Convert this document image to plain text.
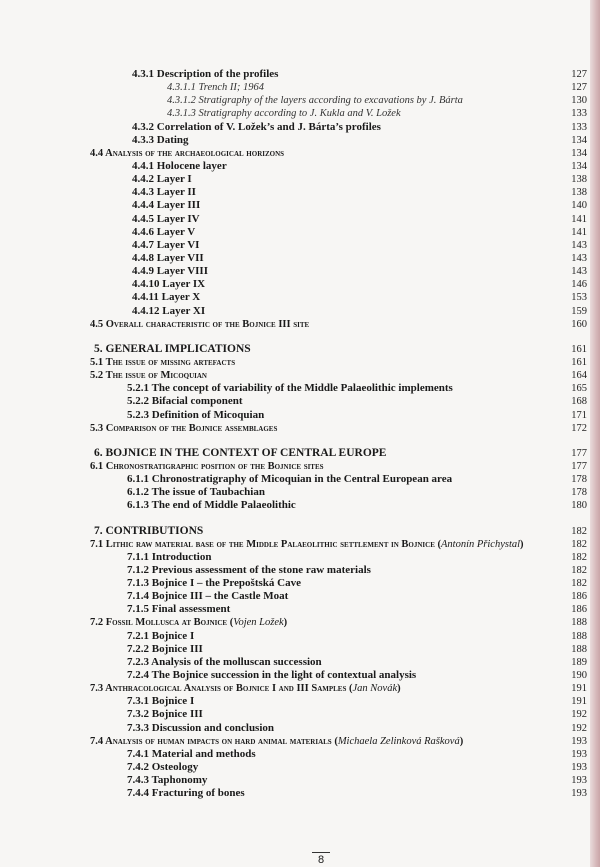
4.3.1 Description of the profiles	127
4.3.1.1 Trench II; 1964	127
4.3.1.2 Stratigraphy of the layers according to excavations by J. Bárta	130
4.3.1.3 Stratigraphy according to J. Kukla and V. Ložek	133
4.3.2 Correlation of V. Ložek’s and J. Bárta’s profiles	133
4.3.3 Dating	134
4.4 Analysis of the archaeological horizons	134
4.4.1 Holocene layer	134
4.4.2 Layer I	138
4.4.3 Layer II	138
4.4.4 Layer III	140
4.4.5 Layer IV	141
4.4.6 Layer V	141
4.4.7 Layer VI	143
4.4.8 Layer VII	143
4.4.9 Layer VIII	143
4.4.10 Layer IX	146
4.4.11 Layer X	153
4.4.12 Layer XI	159
4.5 Overall characteristic of the Bojnice III site	160
5. GENERAL IMPLICATIONS	161
5.1 The issue of missing artefacts	161
5.2 The issue of Micoquian	164
5.2.1 The concept of variability of the Middle Palaeolithic implements	165
5.2.2 Bifacial component	168
5.2.3 Definition of Micoquian	171
5.3 Comparison of the Bojnice assemblages	172
6. BOJNICE IN THE CONTEXT OF CENTRAL EUROPE	177
6.1 Chronostratigraphic position of the Bojnice sites	177
6.1.1 Chronostratigraphy of Micoquian in the Central European area	178
6.1.2 The issue of Taubachian	178
6.1.3 The end of Middle Palaeolithic	180
7. CONTRIBUTIONS	182
7.1 Lithic raw material base of the Middle Palaeolithic settlement in Bojnice (Antonín Přichystal)	182
7.1.1 Introduction	182
7.1.2 Previous assessment of the stone raw materials	182
7.1.3 Bojnice I – the Prepoštská Cave	182
7.1.4 Bojnice III – the Castle Moat	186
7.1.5 Final assessment	186
7.2 Fossil Mollusca at Bojnice (Vojen Ložek)	188
7.2.1 Bojnice I	188
7.2.2 Bojnice III	188
7.2.3 Analysis of the molluscan succession	189
7.2.4 The Bojnice succession in the light of contextual analysis	190
7.3 Anthracological Analysis of Bojnice I and III Samples (Jan Novák)	191
7.3.1 Bojnice I	191
7.3.2 Bojnice III	192
7.3.3 Discussion and conclusion	192
7.4 Analysis of human impacts on hard animal materials (Michaela Zelinková Rašková)	193
7.4.1 Material and methods	193
7.4.2 Osteology	193
7.4.3 Taphonomy	193
7.4.4 Fracturing of bones	193
8
